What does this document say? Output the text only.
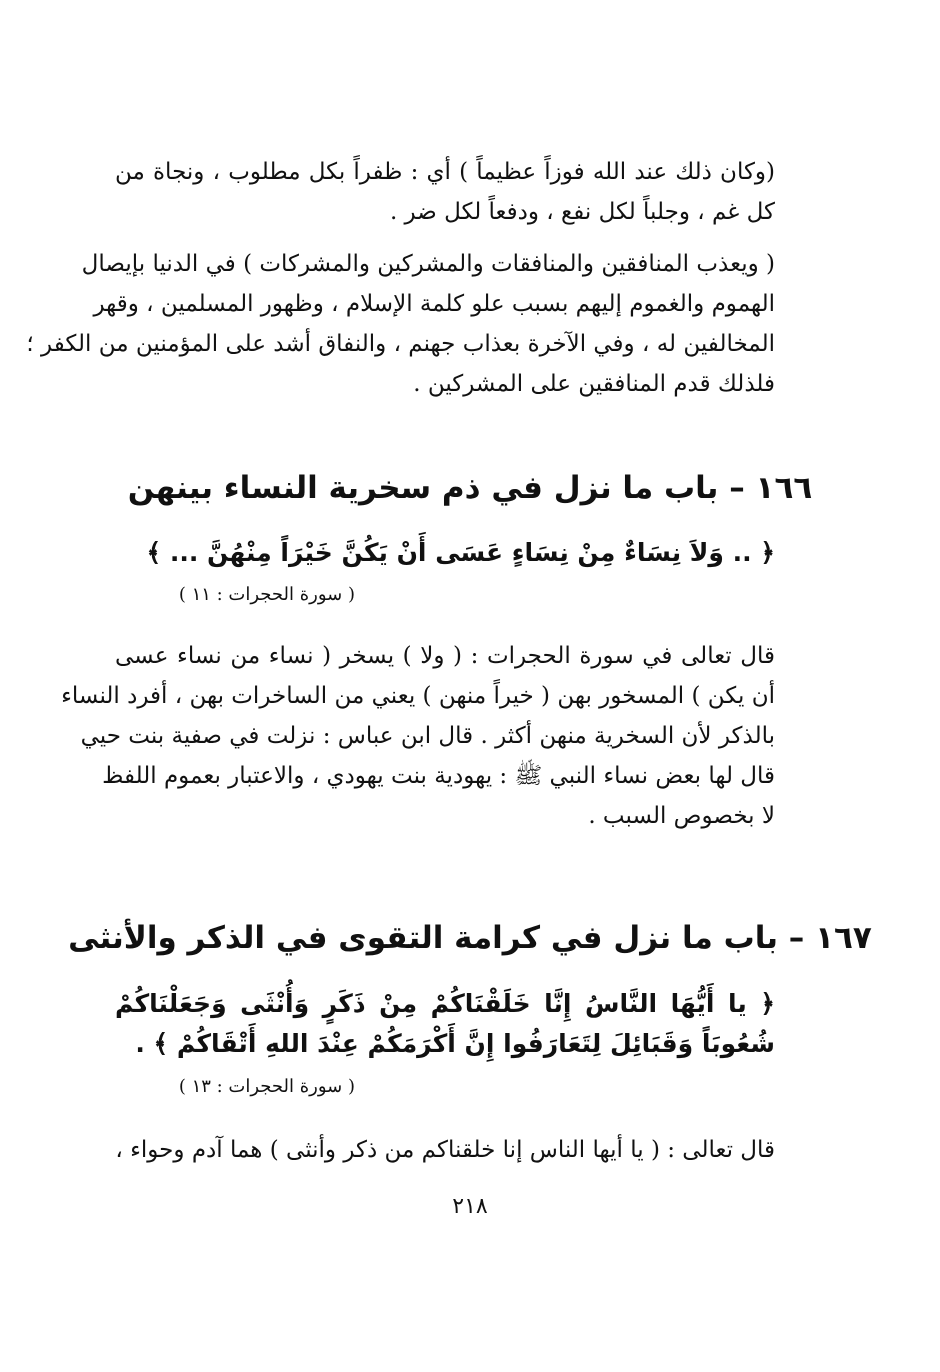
(وكان ذلك عند الله فوزاً عظيماً ) أي : ظفراً بكل مطلوب ، ونجاة من
كل غم ، وجلباً لكل نفع ، ودفعاً لكل ضر .
( ويعذب المنافقين والمنافقات والمشركين والمشركات ) في الدنيا بإيصال
الهموم والغموم إليهم بسبب علو كلمة الإسلام ، وظهور المسلمين ، وقهر
المخالفين له ، وفي الآخرة بعذاب جهنم ، والنفاق أشد على المؤمنين من الكفر ؛
فلذلك قدم المنافقين على المشركين .
١٦٦ – باب ما نزل في ذم سخرية النساء بينهن
﴿ .. وَلاَ نِسَاءٌ مِنْ نِسَاءٍ عَسَى أَنْ يَكُنَّ خَيْرَاً مِنْهُنَّ ... ﴾
( سورة الحجرات : ١١ )
قال تعالى في سورة الحجرات : ( ولا ) يسخر ( نساء من نساء عسى
أن يكن ) المسخور بهن ( خيراً منهن ) يعني من الساخرات بهن ، أفرد النساء
بالذكر لأن السخرية منهن أكثر . قال ابن عباس : نزلت في صفية بنت حيي
قال لها بعض نساء النبي ﷺ : يهودية بنت يهودي ، والاعتبار بعموم اللفظ
لا بخصوص السبب .
١٦٧ – باب ما نزل في كرامة التقوى في الذكر والأنثى
﴿ يا أَيُّهَا النَّاسُ إِنَّا خَلَقْنَاكُمْ مِنْ ذَكَرٍ وَأُنْثَى وَجَعَلْنَاكُمْ
شُعُوبَاً وَقَبَائِلَ لِتَعَارَفُوا إِنَّ أَكْرَمَكُمْ عِنْدَ اللهِ أَتْقَاكُمْ ﴾ .
( سورة الحجرات : ١٣ )
قال تعالى : ( يا أيها الناس إنا خلقناكم من ذكر وأنثى ) هما آدم وحواء ،
٢١٨
